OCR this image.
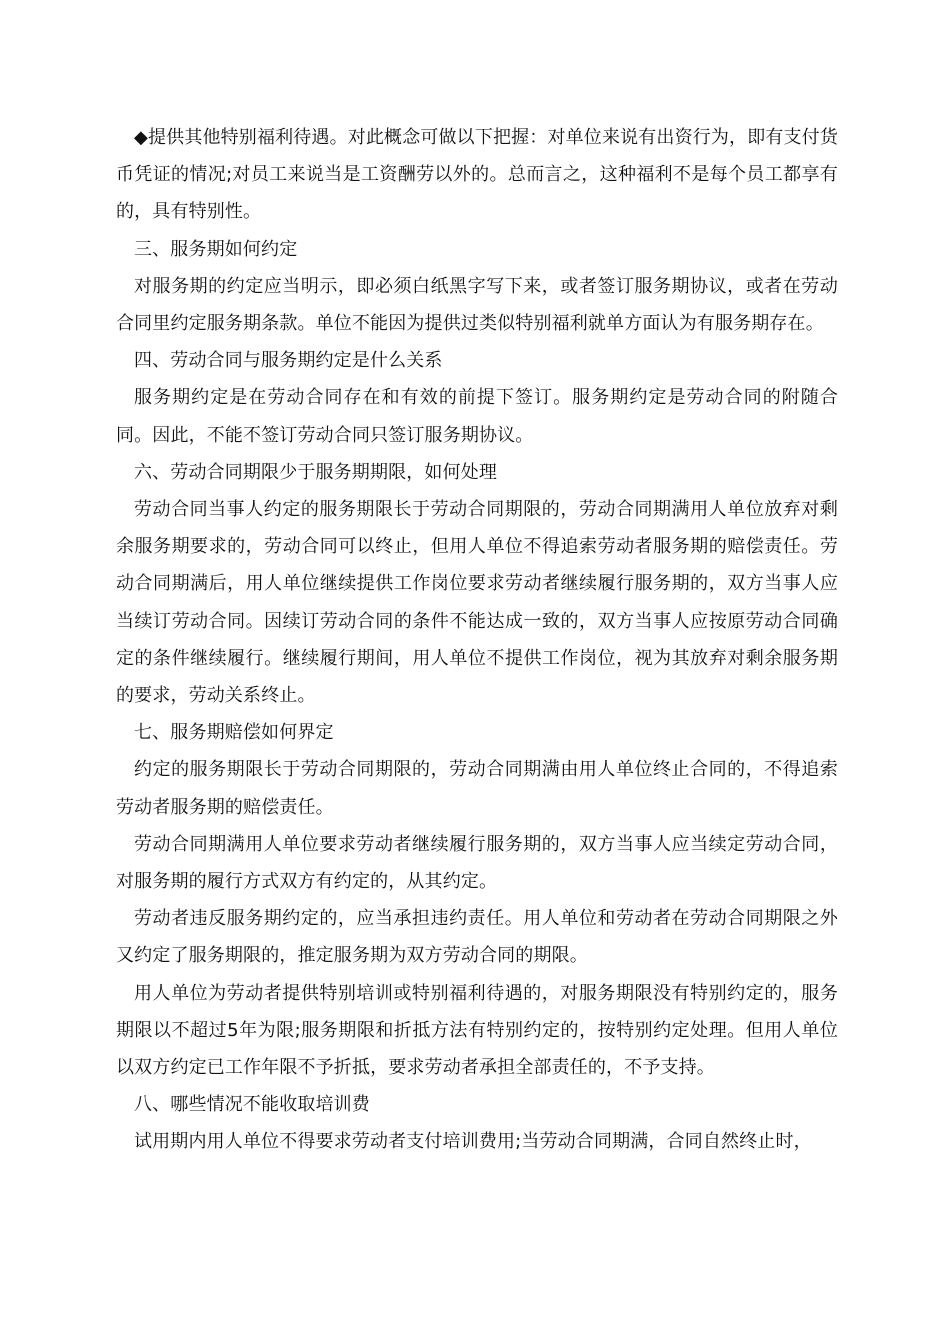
◆提供其他特别福利待遇。对此概念可做以下把握：对单位来说有出资行为，即有支付货币凭证的情况;对员工来说当是工资酬劳以外的。总而言之，这种福利不是每个员工都享有的，具有特别性。

三、服务期如何约定

对服务期的约定应当明示，即必须白纸黑字写下来，或者签订服务期协议，或者在劳动合同里约定服务期条款。单位不能因为提供过类似特别福利就单方面认为有服务期存在。

四、劳动合同与服务期约定是什么关系

服务期约定是在劳动合同存在和有效的前提下签订。服务期约定是劳动合同的附随合同。因此，不能不签订劳动合同只签订服务期协议。

六、劳动合同期限少于服务期期限，如何处理

劳动合同当事人约定的服务期限长于劳动合同期限的，劳动合同期满用人单位放弃对剩余服务期要求的，劳动合同可以终止，但用人单位不得追索劳动者服务期的赔偿责任。劳动合同期满后，用人单位继续提供工作岗位要求劳动者继续履行服务期的，双方当事人应当续订劳动合同。因续订劳动合同的条件不能达成一致的，双方当事人应按原劳动合同确定的条件继续履行。继续履行期间，用人单位不提供工作岗位，视为其放弃对剩余服务期的要求，劳动关系终止。

七、服务期赔偿如何界定

约定的服务期限长于劳动合同期限的，劳动合同期满由用人单位终止合同的，不得追索劳动者服务期的赔偿责任。

劳动合同期满用人单位要求劳动者继续履行服务期的，双方当事人应当续定劳动合同，对服务期的履行方式双方有约定的，从其约定。

劳动者违反服务期约定的，应当承担违约责任。用人单位和劳动者在劳动合同期限之外又约定了服务期限的，推定服务期为双方劳动合同的期限。

用人单位为劳动者提供特别培训或特别福利待遇的，对服务期限没有特别约定的，服务期限以不超过5年为限;服务期限和折抵方法有特别约定的，按特别约定处理。但用人单位以双方约定已工作年限不予折抵，要求劳动者承担全部责任的，不予支持。

八、哪些情况不能收取培训费

试用期内用人单位不得要求劳动者支付培训费用;当劳动合同期满，合同自然终止时，
